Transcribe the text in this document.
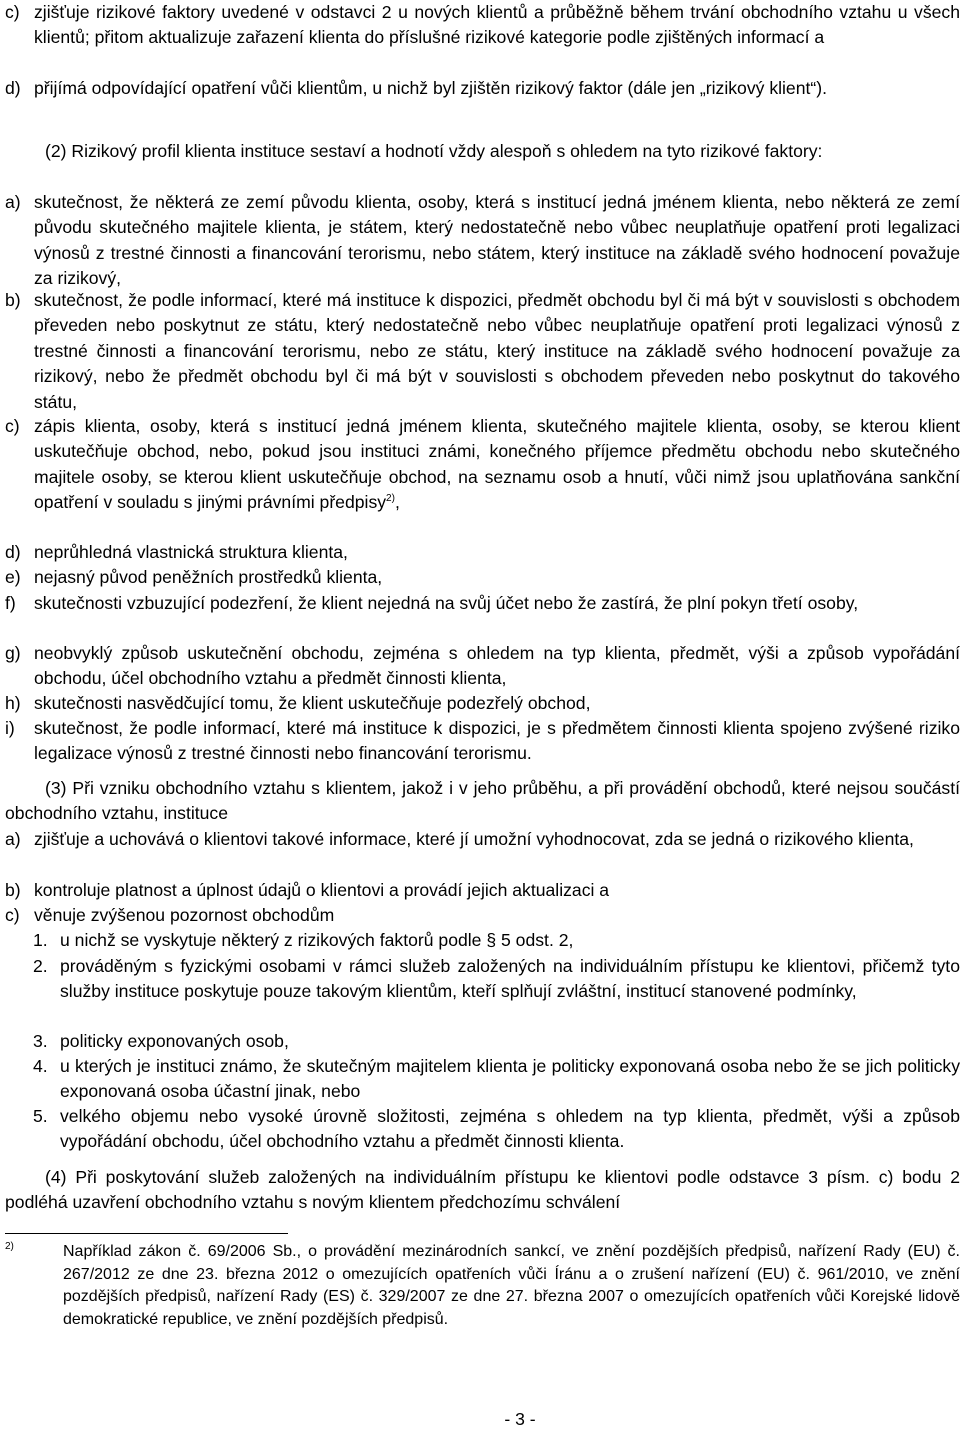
c) zjišťuje rizikové faktory uvedené v odstavci 2 u nových klientů a průběžně během trvání obchodního vztahu u všech klientů; přitom aktualizuje zařazení klienta do příslušné rizikové kategorie podle zjištěných informací a
d) přijímá odpovídající opatření vůči klientům, u nichž byl zjištěn rizikový faktor (dále jen „rizikový klient“).

(2) Rizikový profil klienta instituce sestaví a hodnotí vždy alespoň s ohledem na tyto rizikové faktory:

a) skutečnost, že některá ze zemí původu klienta, osoby, která s institucí jedná jménem klienta, nebo některá ze zemí původu skutečného majitele klienta, je státem, který nedostatečně nebo vůbec neuplatňuje opatření proti legalizaci výnosů z trestné činnosti a financování terorismu, nebo státem, který instituce na základě svého hodnocení považuje za rizikový,
b) skutečnost, že podle informací, které má instituce k dispozici, předmět obchodu byl či má být v souvislosti s obchodem převeden nebo poskytnut ze státu, který nedostatečně nebo vůbec neuplatňuje opatření proti legalizaci výnosů z trestné činnosti a financování terorismu, nebo ze státu, který instituce na základě svého hodnocení považuje za rizikový, nebo že předmět obchodu byl či má být v souvislosti s obchodem převeden nebo poskytnut do takového státu,
c) zápis klienta, osoby, která s institucí jedná jménem klienta, skutečného majitele klienta, osoby, se kterou klient uskutečňuje obchod, nebo, pokud jsou instituci známi, konečného příjemce předmětu obchodu nebo skutečného majitele osoby, se kterou klient uskutečňuje obchod, na seznamu osob a hnutí, vůči nimž jsou uplatňována sankční opatření v souladu s jinými právními předpisy$^{2)}$,
d) neprůhledná vlastnická struktura klienta,
e) nejasný původ peněžních prostředků klienta,
f) skutečnosti vzbuzující podezření, že klient nejedná na svůj účet nebo že zastírá, že plní pokyn třetí osoby,
g) neobvyklý způsob uskutečnění obchodu, zejména s ohledem na typ klienta, předmět, výši a způsob vypořádání obchodu, účel obchodního vztahu a předmět činnosti klienta,
h) skutečnosti nasvědčující tomu, že klient uskutečňuje podezřelý obchod,
i) skutečnost, že podle informací, které má instituce k dispozici, je s předmětem činnosti klienta spojeno zvýšené riziko legalizace výnosů z trestné činnosti nebo financování terorismu.

(3) Při vzniku obchodního vztahu s klientem, jakož i v jeho průběhu, a při provádění obchodů, které nejsou součástí obchodního vztahu, instituce

a) zjišťuje a uchovává o klientovi takové informace, které jí umožní vyhodnocovat, zda se jedná o rizikového klienta,
b) kontroluje platnost a úplnost údajů o klientovi a provádí jejich aktualizaci a
c) věnuje zvýšenou pozornost obchodům
1. u nichž se vyskytuje některý z rizikových faktorů podle § 5 odst. 2,
2. prováděným s fyzickými osobami v rámci služeb založených na individuálním přístupu ke klientovi, přičemž tyto služby instituce poskytuje pouze takovým klientům, kteří splňují zvláštní, institucí stanovené podmínky,
3. politicky exponovaných osob,
4. u kterých je instituci známo, že skutečným majitelem klienta je politicky exponovaná osoba nebo že se jich politicky exponovaná osoba účastní jinak, nebo
5. velkého objemu nebo vysoké úrovně složitosti, zejména s ohledem na typ klienta, předmět, výši a způsob vypořádání obchodu, účel obchodního vztahu a předmět činnosti klienta.

(4) Při poskytování služeb založených na individuálním přístupu ke klientovi podle odstavce 3 písm. c) bodu 2 podléhá uzavření obchodního vztahu s novým klientem předchozímu schválení

2)	Například zákon č. 69/2006 Sb., o provádění mezinárodních sankcí, ve znění pozdějších předpisů, nařízení Rady (EU) č. 267/2012 ze dne 23. března 2012 o omezujících opatřeních vůči Íránu a o zrušení nařízení (EU) č. 961/2010, ve znění pozdějších předpisů, nařízení Rady (ES) č. 329/2007 ze dne 27. března 2007 o omezujících opatřeních vůči Korejské lidově demokratické republice, ve znění pozdějších předpisů.
- 3 -
